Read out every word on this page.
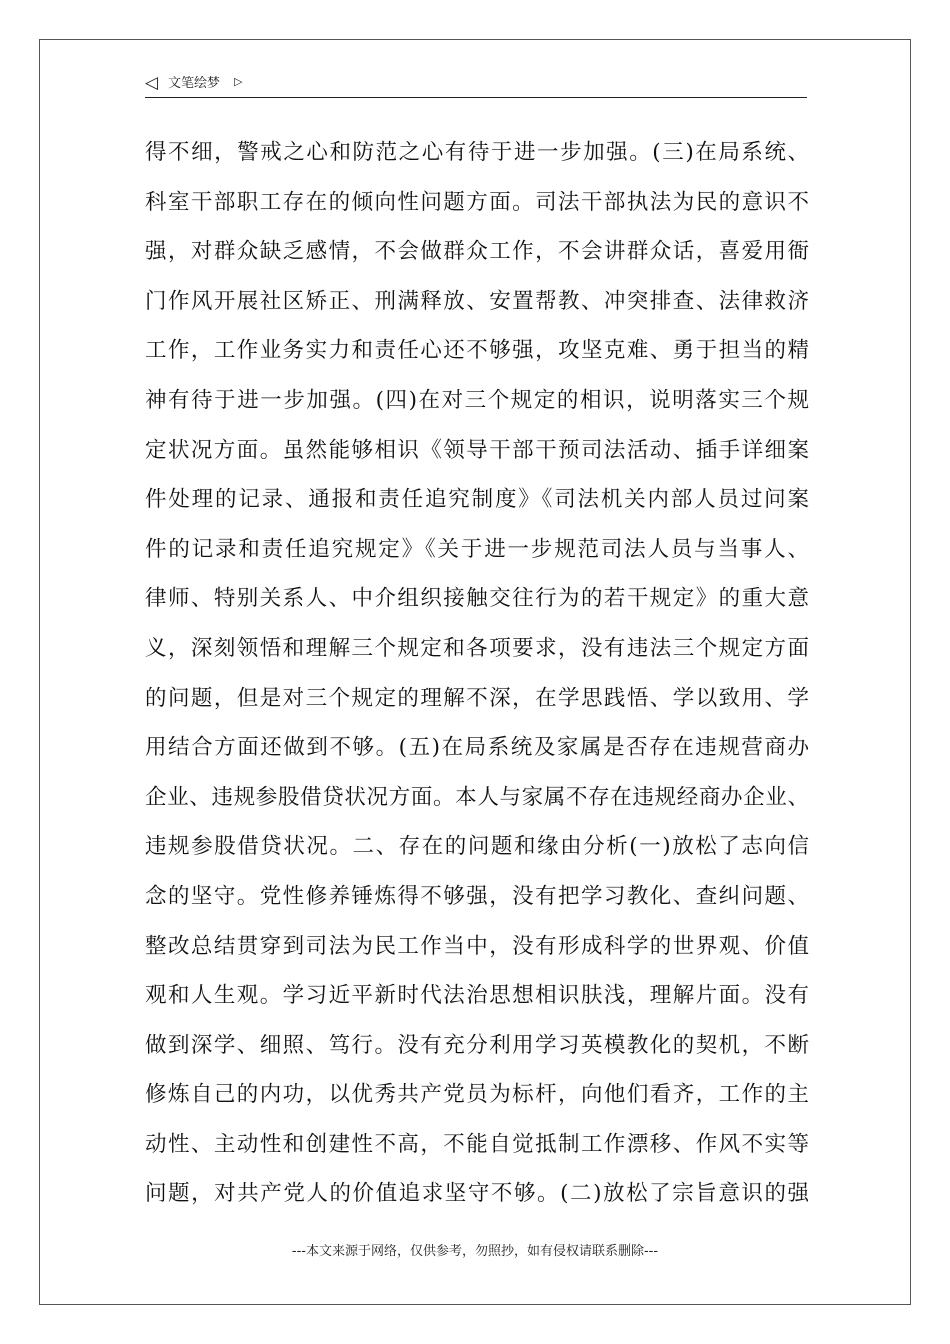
◁ 文笔绘梦 ▷
得不细，警戒之心和防范之心有待于进一步加强。(三)在局系统、
科室干部职工存在的倾向性问题方面。司法干部执法为民的意识不
强，对群众缺乏感情，不会做群众工作，不会讲群众话，喜爱用衙
门作风开展社区矫正、刑满释放、安置帮教、冲突排查、法律救济
工作，工作业务实力和责任心还不够强，攻坚克难、勇于担当的精
神有待于进一步加强。(四)在对三个规定的相识，说明落实三个规
定状况方面。虽然能够相识《领导干部干预司法活动、插手详细案
件处理的记录、通报和责任追究制度》《司法机关内部人员过问案
件的记录和责任追究规定》《关于进一步规范司法人员与当事人、
律师、特别关系人、中介组织接触交往行为的若干规定》的重大意
义，深刻领悟和理解三个规定和各项要求，没有违法三个规定方面
的问题，但是对三个规定的理解不深，在学思践悟、学以致用、学
用结合方面还做到不够。(五)在局系统及家属是否存在违规营商办
企业、违规参股借贷状况方面。本人与家属不存在违规经商办企业、
违规参股借贷状况。二、存在的问题和缘由分析(一)放松了志向信
念的坚守。党性修养锤炼得不够强，没有把学习教化、查纠问题、
整改总结贯穿到司法为民工作当中，没有形成科学的世界观、价值
观和人生观。学习近平新时代法治思想相识肤浅，理解片面。没有
做到深学、细照、笃行。没有充分利用学习英模教化的契机，不断
修炼自己的内功，以优秀共产党员为标杆，向他们看齐，工作的主
动性、主动性和创建性不高，不能自觉抵制工作漂移、作风不实等
问题，对共产党人的价值追求坚守不够。(二)放松了宗旨意识的强
---本文来源于网络，仅供参考，勿照抄，如有侵权请联系删除---
